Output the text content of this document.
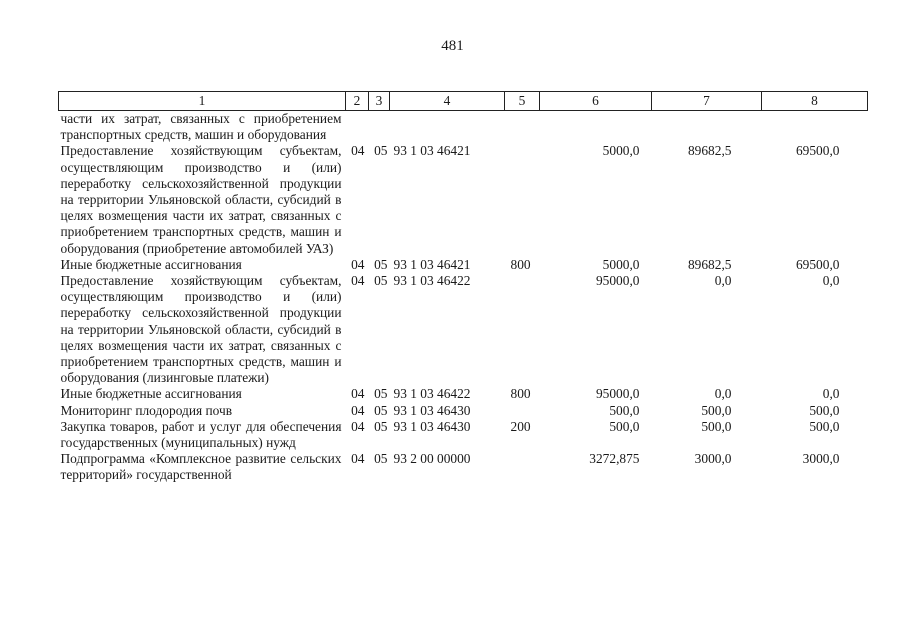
481
1	2	3	4	5	6	7	8
части их затрат, связанных с приобретением транспортных средств, машин и оборудования							
Предоставление хозяйствующим субъектам, осуществляющим производство и (или) переработку сельскохозяйственной продукции на территории Ульяновской области, субсидий в целях возмещения части их затрат, связанных с приобретением транспортных средств, машин и оборудования (приобретение автомобилей УАЗ)	04	05	93 1 03 46421		5000,0	89682,5	69500,0
Иные бюджетные ассигнования	04	05	93 1 03 46421	800	5000,0	89682,5	69500,0
Предоставление хозяйствующим субъектам, осуществляющим производство и (или) переработку сельскохозяйственной продукции на территории Ульяновской области, субсидий в целях возмещения части их затрат, связанных с приобретением транспортных средств, машин и оборудования (лизинговые платежи)	04	05	93 1 03 46422		95000,0	0,0	0,0
Иные бюджетные ассигнования	04	05	93 1 03 46422	800	95000,0	0,0	0,0
Мониторинг плодородия почв	04	05	93 1 03 46430		500,0	500,0	500,0
Закупка товаров, работ и услуг для обеспечения государственных (муниципальных) нужд	04	05	93 1 03 46430	200	500,0	500,0	500,0
Подпрограмма «Комплексное развитие сельских территорий» государственной	04	05	93 2 00 00000		3272,875	3000,0	3000,0
